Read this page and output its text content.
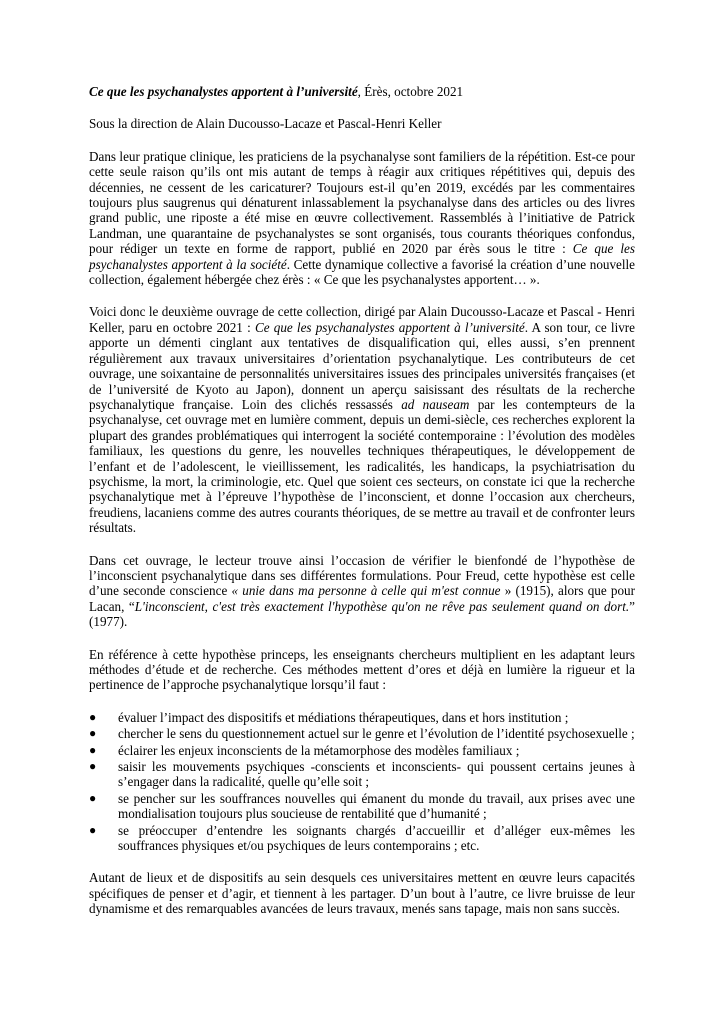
Ce que les psychanalystes apportent à l’université, Érès, octobre 2021

Sous la direction de Alain Ducousso-Lacaze et Pascal-Henri Keller

Dans leur pratique clinique, les praticiens de la psychanalyse sont familiers de la répétition. Est-ce pour cette seule raison qu’ils ont mis autant de temps à réagir aux critiques répétitives qui, depuis des décennies, ne cessent de les caricaturer? Toujours est-il qu’en 2019, excédés par les commentaires toujours plus saugrenus qui dénaturent inlassablement la psychanalyse dans des articles ou des livres grand public, une riposte a été mise en œuvre collectivement. Rassemblés à l’initiative de Patrick Landman, une quarantaine de psychanalystes se sont organisés, tous courants théoriques confondus, pour rédiger un texte en forme de rapport, publié en 2020 par érès sous le titre : Ce que les psychanalystes apportent à la société. Cette dynamique collective a favorisé la création d’une nouvelle collection, également hébergée chez érès : « Ce que les psychanalystes apportent… ».

Voici donc le deuxième ouvrage de cette collection, dirigé par Alain Ducousso-Lacaze et Pascal - Henri Keller, paru en octobre 2021 : Ce que les psychanalystes apportent à l’université. A son tour, ce livre apporte un démenti cinglant aux tentatives de disqualification qui, elles aussi, s’en prennent régulièrement aux travaux universitaires d’orientation psychanalytique. Les contributeurs de cet ouvrage, une soixantaine de personnalités universitaires issues des principales universités françaises (et de l’université de Kyoto au Japon), donnent un aperçu saisissant des résultats de la recherche psychanalytique française. Loin des clichés ressassés ad nauseam par les contempteurs de la psychanalyse, cet ouvrage met en lumière comment, depuis un demi-siècle, ces recherches explorent la plupart des grandes problématiques qui interrogent la société contemporaine : l’évolution des modèles familiaux, les questions du genre, les nouvelles techniques thérapeutiques, le développement de l’enfant et de l’adolescent, le vieillissement, les radicalités, les handicaps, la psychiatrisation du psychisme, la mort, la criminologie, etc. Quel que soient ces secteurs, on constate ici que la recherche psychanalytique met à l’épreuve l’hypothèse de l’inconscient, et donne l’occasion aux chercheurs, freudiens, lacaniens comme des autres courants théoriques, de se mettre au travail et de confronter leurs résultats.

Dans cet ouvrage, le lecteur trouve ainsi l’occasion de vérifier le bienfondé de l’hypothèse de l’inconscient psychanalytique dans ses différentes formulations. Pour Freud, cette hypothèse est celle d’une seconde conscience « unie dans ma personne à celle qui m'est connue » (1915), alors que pour Lacan, “L'inconscient, c'est très exactement l'hypothèse qu'on ne rêve pas seulement quand on dort.” (1977).

En référence à cette hypothèse princeps, les enseignants chercheurs multiplient en les adaptant leurs méthodes d’étude et de recherche. Ces méthodes mettent d’ores et déjà en lumière la rigueur et la pertinence de l’approche psychanalytique lorsqu’il faut :

● évaluer l’impact des dispositifs et médiations thérapeutiques, dans et hors institution ;
● chercher le sens du questionnement actuel sur le genre et l’évolution de l’identité psychosexuelle ;
● éclairer les enjeux inconscients de la métamorphose des modèles familiaux ;
● saisir les mouvements psychiques -conscients et inconscients- qui poussent certains jeunes à s’engager dans la radicalité, quelle qu’elle soit ;
● se pencher sur les souffrances nouvelles qui émanent du monde du travail, aux prises avec une mondialisation toujours plus soucieuse de rentabilité que d’humanité ;
● se préoccuper d’entendre les soignants chargés d’accueillir et d’alléger eux-mêmes les souffrances physiques et/ou psychiques de leurs contemporains ; etc.

Autant de lieux et de dispositifs au sein desquels ces universitaires mettent en œuvre leurs capacités spécifiques de penser et d’agir, et tiennent à les partager. D’un bout à l’autre, ce livre bruisse de leur dynamisme et des remarquables avancées de leurs travaux, menés sans tapage, mais non sans succès.
